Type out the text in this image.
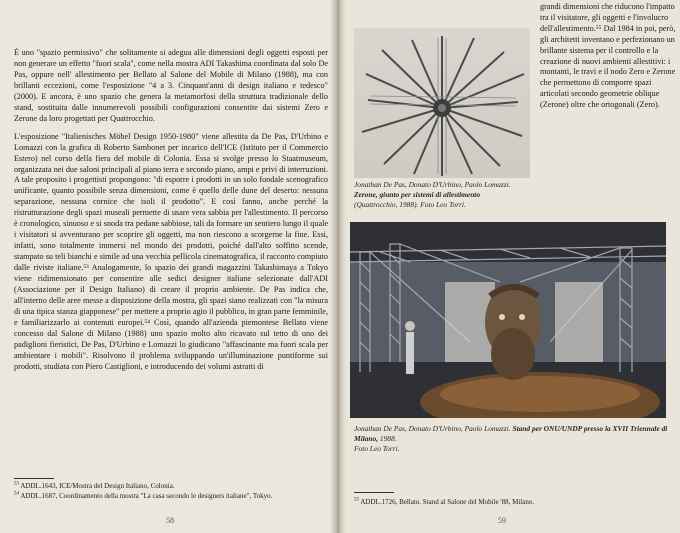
È uno "spazio permissivo" che solitamente si adegua alle dimensioni degli oggetti esposti per non generare un effetto "fuori scala", come nella mostra ADI Takashima coordinata dal solo De Pas, oppure nell' allestimento per Bellato al Salone del Mobile di Milano (1988), ma con brillanti eccezioni, come l'esposizione "4 a 3. Cinquant'anni di design italiano e tedesco" (2000). E ancora, è uno spazio che genera la metamorfosi della struttura tradizionale dello stand, sostituita dalle innumerevoli possibili configurazioni consentite dai sistemi Zero e Zerone da loro progettati per Quattrocchio.

L'esposizione "Italienisches Möbel Design 1950-1980" viene allestita da De Pas, D'Urbino e Lomazzi con la grafica di Roberto Sambonet per incarico dell'ICE (Istituto per il Commercio Estero) nel corso della fiera del mobile di Colonia. Essa si svolge presso lo Staatmuseum, organizzata nei due saloni principali al piano terra e secondo piano, ampi e privi di interruzioni. A tale proposito i progettisti propongono: "di esporre i prodotti in un solo fondale scenografico unificante, quanto possibile senza dimensioni, come è quello delle dune del deserto: nessuna separazione, nessuna cornice che isoli il prodotto". E così fanno, anche perché la ristrutturazione degli spazi museali permette di usare vera sabbia per l'allestimento. Il percorso è cronologico, sinuoso e si snoda tra pedane sabbiose, tali da formare un sentiero lungo il quale i visitatori si avventurano per scoprire gli oggetti, ma non riescono a scorgerne la fine. Essi, infatti, sono totalmente immersi nel mondo dei prodotti, poiché dall'alto soffitto scende, stampato su teli bianchi e simile ad una vecchia pellicola cinematografica, il racconto compiuto dalle riviste italiane.⁵³ Analogamente, lo spazio dei grandi magazzini Takashimaya a Tokyo viene ridimensionato per consentire alle sedici designer italiane selezionate dall'ADI (Associazione per il Design Italiano) di creare il proprio ambiente. De Pas indica che, all'interno delle aree messe a disposizione della mostra, gli spazi siano realizzati con "la misura di una tipica stanza giapponese" per mettere a proprio agio il pubblico, in gran parte femminile, e familiarizzarlo ai contenuti europei.⁵⁴ Così, quando all'azienda piemontese Bellato viene concesso dal Salone di Milano (1988) uno spazio molto alto ricavato sul tetto di uno dei padiglioni fieristici, De Pas, D'Urbino e Lomazzi lo giudicano "affascinante ma fuori scala per ambientare i mobili". Risolvono il problema sviluppando un'illuminazione puntiforme sui prodotti, studiata con Piero Castiglioni, e introducendo dei volumi astratti di

$^{53}$ ADDL.1643, ICE/Mostra del Design Italiano, Colonia.
$^{54}$ ADDL.1687, Coordinamento della mostra "La casa secondo le designers italiane", Tokyo.
58
Jonathan De Pas, Donato D'Urbino, Paolo Lomazzi.
Zerone, giunto per sistemi di allestimento
(Quattrocchio, 1988). Foto Leo Torri.
grandi dimensioni che riducono l'impatto tra il visitatore, gli oggetti e l'involucro dell'allestimento.⁵⁵ Dal 1984 in poi, però, gli architetti inventano e perfezionano un brillante sistema per il controllo e la creazione di nuovi ambienti allestitivi: i montanti, le travi e il nodo Zero e Zerone che permettono di comporre spazi articolati secondo geometrie oblique (Zerone) oltre che ortogonali (Zero).
Jonathan De Pas, Donato D'Urbino, Paolo Lomazzi. Stand per ONU/UNDP presso la XVII Triennale di Milano, 1988.
Foto Leo Torri.
$^{55}$ ADDL.1726, Bellato. Stand al Salone del Mobile '88, Milano.
59
